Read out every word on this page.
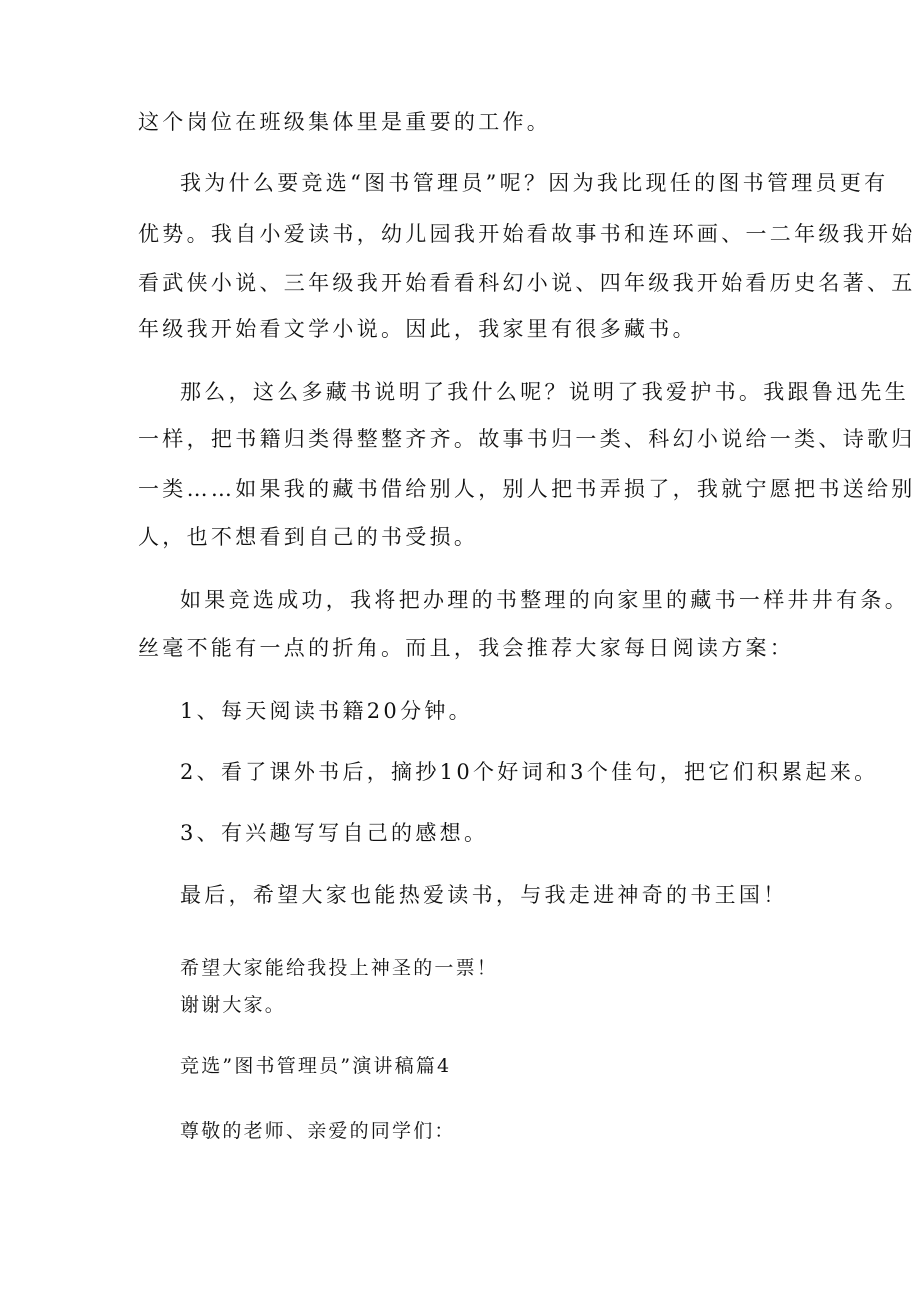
这个岗位在班级集体里是重要的工作。

我为什么要竞选“图书管理员”呢？因为我比现任的图书管理员更有

优势。我自小爱读书，幼儿园我开始看故事书和连环画、一二年级我开始

看武侠小说、三年级我开始看看科幻小说、四年级我开始看历史名著、五

年级我开始看文学小说。因此，我家里有很多藏书。

那么，这么多藏书说明了我什么呢？说明了我爱护书。我跟鲁迅先生

一样，把书籍归类得整整齐齐。故事书归一类、科幻小说给一类、诗歌归

一类……如果我的藏书借给别人，别人把书弄损了，我就宁愿把书送给别

人，也不想看到自己的书受损。

如果竞选成功，我将把办理的书整理的向家里的藏书一样井井有条。

丝毫不能有一点的折角。而且，我会推荐大家每日阅读方案：

1、每天阅读书籍20分钟。

2、看了课外书后，摘抄10个好词和3个佳句，把它们积累起来。

3、有兴趣写写自己的感想。

最后，希望大家也能热爱读书，与我走进神奇的书王国！

希望大家能给我投上神圣的一票！

谢谢大家。

竞选”图书管理员”演讲稿篇4

尊敬的老师、亲爱的同学们：
